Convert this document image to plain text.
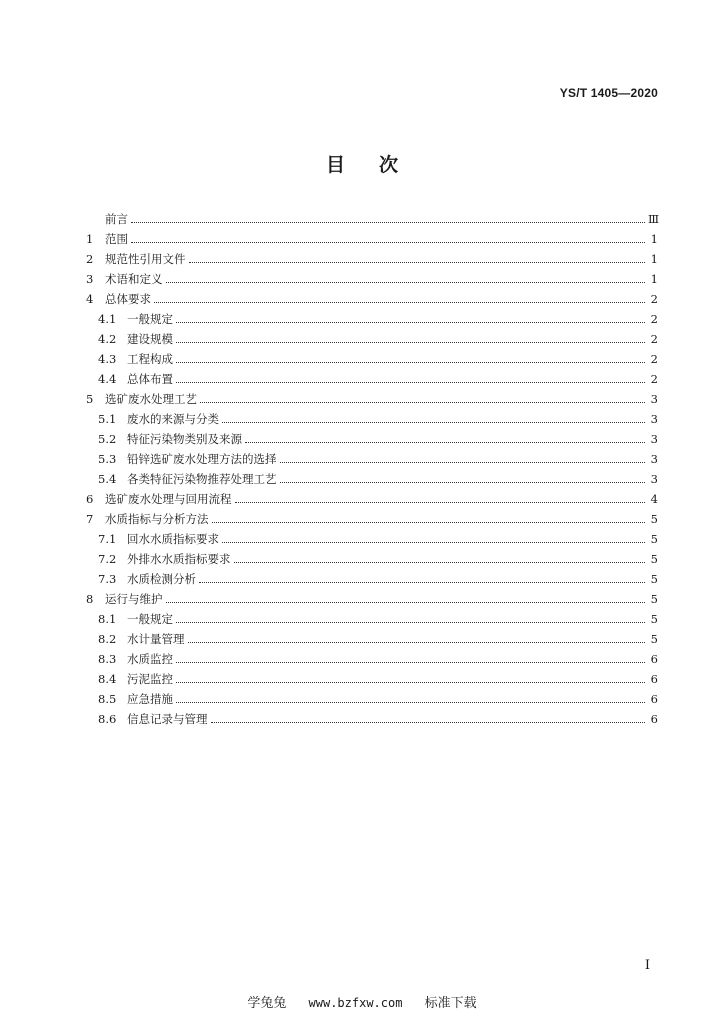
YS/T 1405—2020
目次
前言	Ⅲ
1	范围	1
2	规范性引用文件	1
3	术语和定义	1
4	总体要求	2
4.1 一般规定	2
4.2 建设规模	2
4.3 工程构成	2
4.4 总体布置	2
5	选矿废水处理工艺	3
5.1 废水的来源与分类	3
5.2 特征污染物类别及来源	3
5.3 铅锌选矿废水处理方法的选择	3
5.4 各类特征污染物推荐处理工艺	3
6	选矿废水处理与回用流程	4
7	水质指标与分析方法	5
7.1 回水水质指标要求	5
7.2 外排水水质指标要求	5
7.3 水质检测分析	5
8	运行与维护	5
8.1 一般规定	5
8.2 水计量管理	5
8.3 水质监控	6
8.4 污泥监控	6
8.5 应急措施	6
8.6 信息记录与管理	6
I
学兔兔 www.bzfxw.com 标准下载
